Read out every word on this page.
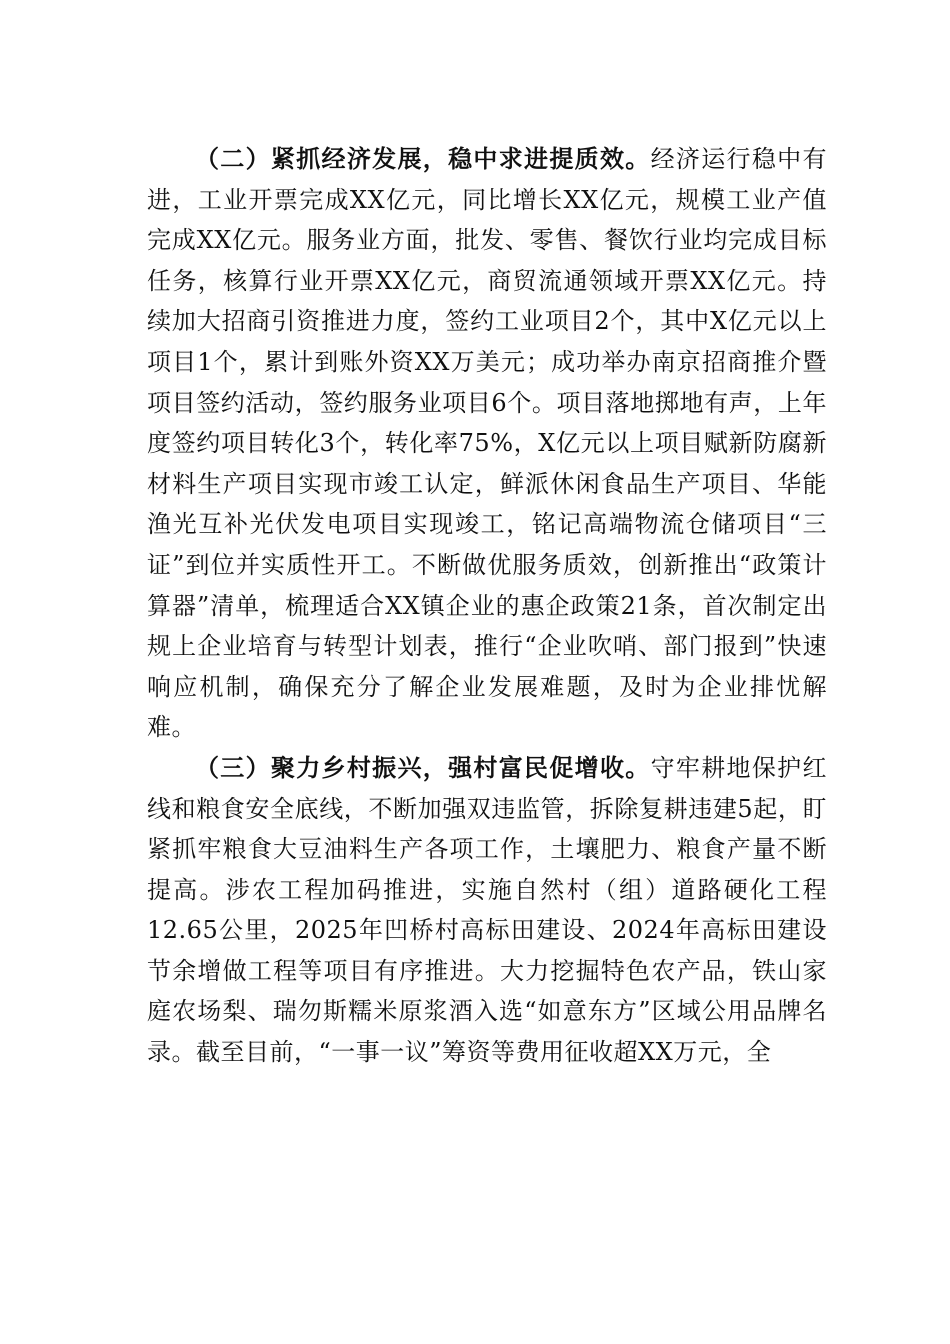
（二）紧抓经济发展，稳中求进提质效。经济运行稳中有进，工业开票完成XX亿元，同比增长XX亿元，规模工业产值完成XX亿元。服务业方面，批发、零售、餐饮行业均完成目标任务，核算行业开票XX亿元，商贸流通领域开票XX亿元。持续加大招商引资推进力度，签约工业项目2个，其中X亿元以上项目1个，累计到账外资XX万美元；成功举办南京招商推介暨项目签约活动，签约服务业项目6个。项目落地掷地有声，上年度签约项目转化3个，转化率75%，X亿元以上项目赋新防腐新材料生产项目实现市竣工认定，鲜派休闲食品生产项目、华能渔光互补光伏发电项目实现竣工，铭记高端物流仓储项目“三证”到位并实质性开工。不断做优服务质效，创新推出“政策计算器”清单，梳理适合XX镇企业的惠企政策21条，首次制定出规上企业培育与转型计划表，推行“企业吹哨、部门报到”快速响应机制，确保充分了解企业发展难题，及时为企业排忧解难。

（三）聚力乡村振兴，强村富民促增收。守牢耕地保护红线和粮食安全底线，不断加强双违监管，拆除复耕违建5起，盯紧抓牢粮食大豆油料生产各项工作，土壤肥力、粮食产量不断提高。涉农工程加码推进，实施自然村（组）道路硬化工程12.65公里，2025年凹桥村高标田建设、2024年高标田建设节余增做工程等项目有序推进。大力挖掘特色农产品，铁山家庭农场梨、瑞勿斯糯米原浆酒入选“如意东方”区域公用品牌名录。截至目前，“一事一议”筹资等费用征收超XX万元，全
